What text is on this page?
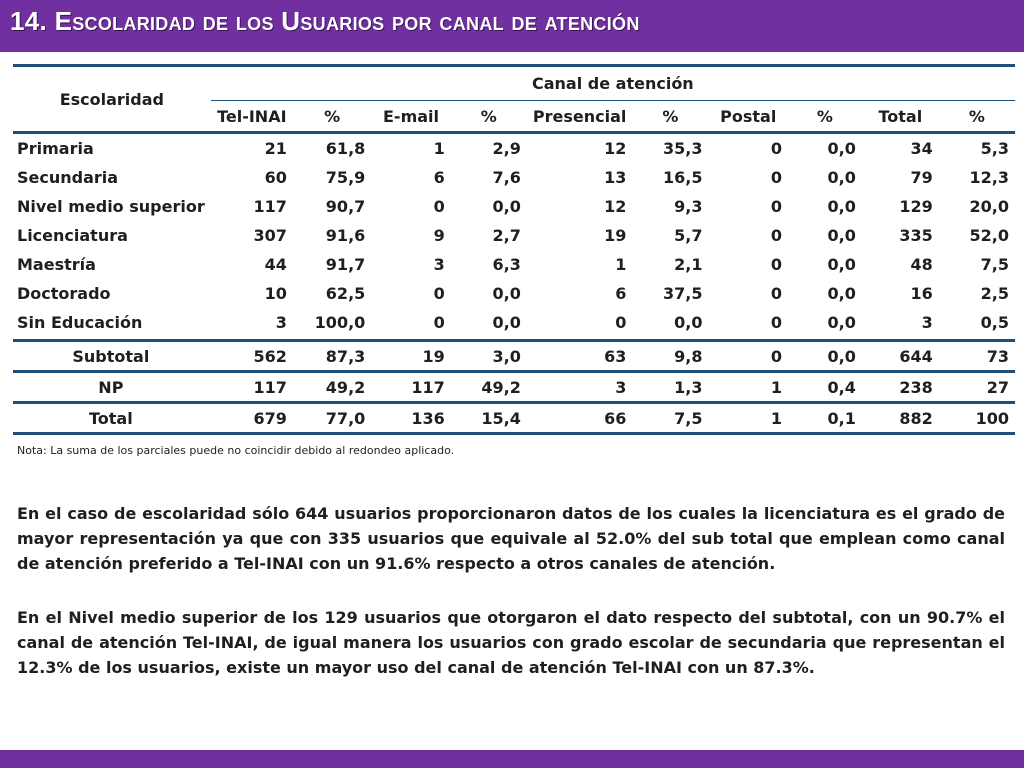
14. Escolaridad de los Usuarios por canal de atención
Escolaridad	Canal de atención									
	Tel-INAI	%	E-mail	%	Presencial	%	Postal	%	Total	%
Primaria	21	61,8	1	2,9	12	35,3	0	0,0	34	5,3
Secundaria	60	75,9	6	7,6	13	16,5	0	0,0	79	12,3
Nivel medio superior	117	90,7	0	0,0	12	9,3	0	0,0	129	20,0
Licenciatura	307	91,6	9	2,7	19	5,7	0	0,0	335	52,0
Maestría	44	91,7	3	6,3	1	2,1	0	0,0	48	7,5
Doctorado	10	62,5	0	0,0	6	37,5	0	0,0	16	2,5
Sin Educación	3	100,0	0	0,0	0	0,0	0	0,0	3	0,5
Subtotal	562	87,3	19	3,0	63	9,8	0	0,0	644	73
NP	117	49,2	117	49,2	3	1,3	1	0,4	238	27
Total	679	77,0	136	15,4	66	7,5	1	0,1	882	100
Nota: La suma de los parciales puede no coincidir debido al redondeo aplicado.
En el caso de escolaridad sólo 644 usuarios proporcionaron datos de los cuales la licenciatura es el grado de mayor representación ya que con 335 usuarios que equivale al 52.0% del sub total que emplean como canal de atención preferido a Tel-INAI con un 91.6% respecto a otros canales de atención.
En el Nivel medio superior de los 129 usuarios que otorgaron el dato respecto del subtotal, con un 90.7% el canal de atención Tel-INAI, de igual manera los usuarios con grado escolar de secundaria que representan el 12.3% de los usuarios, existe un mayor uso del canal de atención Tel-INAI con un 87.3%.
